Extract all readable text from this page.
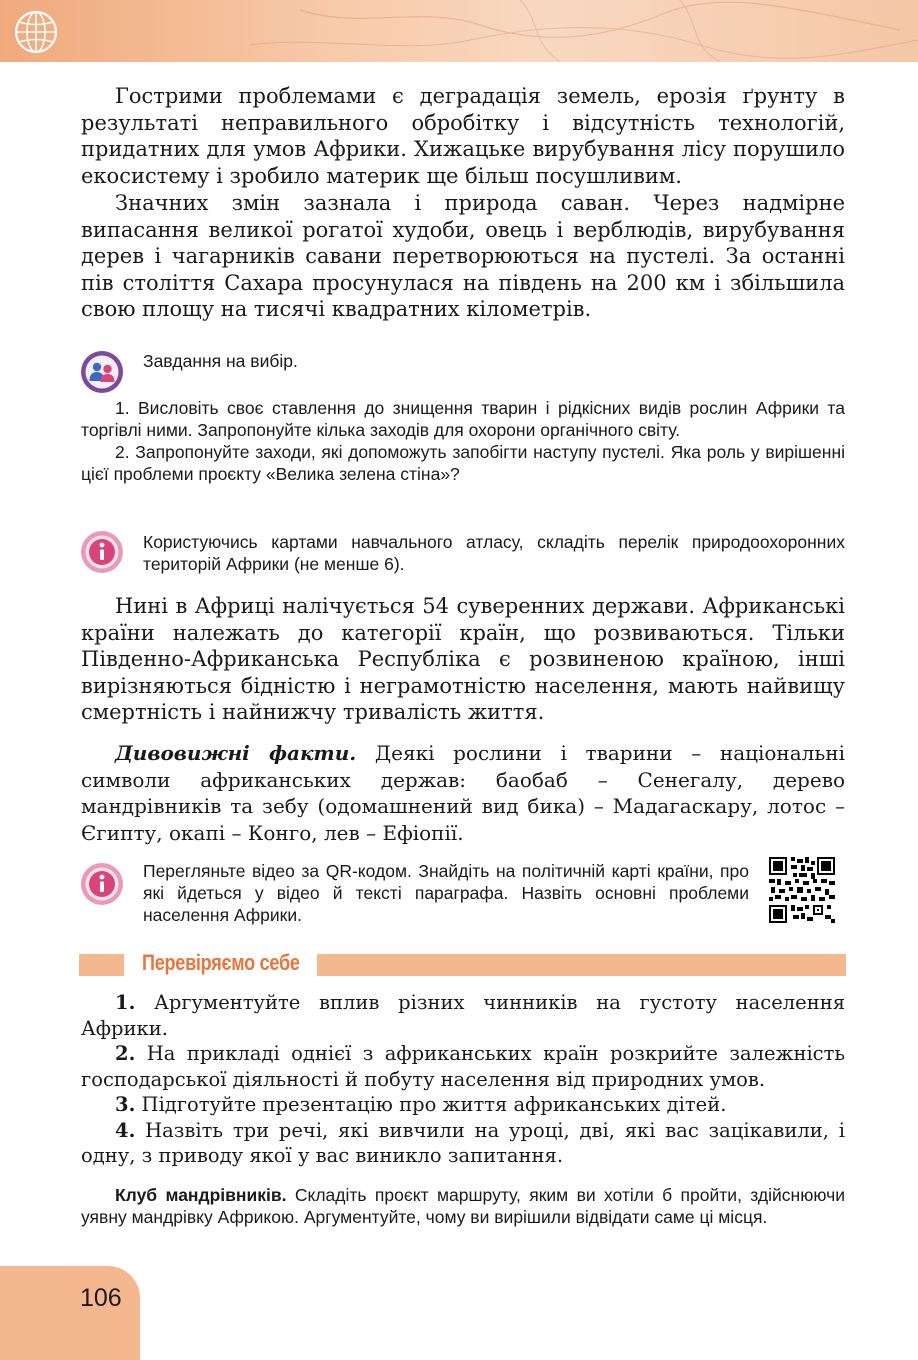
Гострими проблемами є деградація земель, ерозія ґрунту в результаті неправильного обробітку і відсутність технологій, придатних для умов Африки. Хижацьке вирубування лісу порушило екосистему і зробило материк ще більш посушливим.

Значних змін зазнала і природа саван. Через надмірне випасання великої рогатої худоби, овець і верблюдів, вирубування дерев і чагарників савани перетворюються на пустелі. За останні пів століття Сахара просунулася на південь на 200 км і збільшила свою площу на тисячі квадратних кілометрів.

Завдання на вибір.

1. Висловіть своє ставлення до знищення тварин і рідкісних видів рослин Африки та торгівлі ними. Запропонуйте кілька заходів для охорони органічного світу.

2. Запропонуйте заходи, які допоможуть запобігти наступу пустелі. Яка роль у вирішенні цієї проблеми проєкту «Велика зелена стіна»?

Користуючись картами навчального атласу, складіть перелік природоохоронних територій Африки (не менше 6).

Нині в Африці налічується 54 суверенних держави. Африканські країни належать до категорії країн, що розвиваються. Тільки Південно-Африканська Республіка є розвиненою країною, інші вирізняються бідністю і неграмотністю населення, мають найвищу смертність і найнижчу тривалість життя.

Дивовижні факти. Деякі рослини і тварини – національні символи африканських держав: баобаб – Сенегалу, дерево мандрівників та зебу (одомашнений вид бика) – Мадагаскару, лотос – Єгипту, окапі – Конго, лев – Ефіопії.

Перегляньте відео за QR-кодом. Знайдіть на політичній карті країни, про які йдеться у відео й тексті параграфа. Назвіть основні проблеми населення Африки.

Перевіряємо себе

1. Аргументуйте вплив різних чинників на густоту населення Африки.

2. На прикладі однієї з африканських країн розкрийте залежність господарської діяльності й побуту населення від природних умов.

3. Підготуйте презентацію про життя африканських дітей.

4. Назвіть три речі, які вивчили на уроці, дві, які вас зацікавили, і одну, з приводу якої у вас виникло запитання.

Клуб мандрівників. Складіть проєкт маршруту, яким ви хотіли б пройти, здійснюючи уявну мандрівку Африкою. Аргументуйте, чому ви вирішили відвідати саме ці місця.

106
